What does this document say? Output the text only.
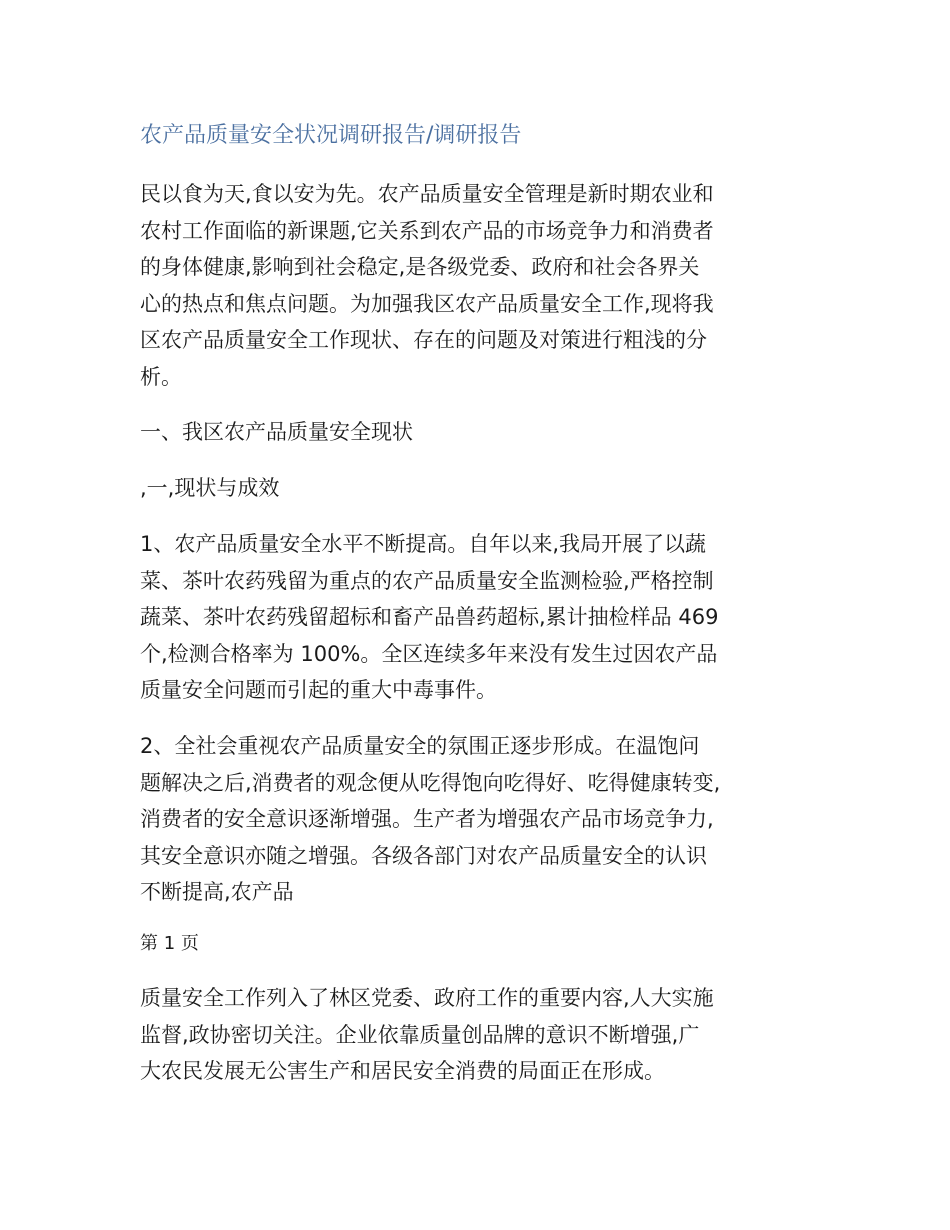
农产品质量安全状况调研报告/调研报告
民以食为天,食以安为先。农产品质量安全管理是新时期农业和
农村工作面临的新课题,它关系到农产品的市场竞争力和消费者
的身体健康,影响到社会稳定,是各级党委、政府和社会各界关
心的热点和焦点问题。为加强我区农产品质量安全工作,现将我
区农产品质量安全工作现状、存在的问题及对策进行粗浅的分
析。
一、我区农产品质量安全现状
,一,现状与成效
1、农产品质量安全水平不断提高。自年以来,我局开展了以蔬
菜、茶叶农药残留为重点的农产品质量安全监测检验,严格控制
蔬菜、茶叶农药残留超标和畜产品兽药超标,累计抽检样品 469
个,检测合格率为 100%。全区连续多年来没有发生过因农产品
质量安全问题而引起的重大中毒事件。
2、全社会重视农产品质量安全的氛围正逐步形成。在温饱问
题解决之后,消费者的观念便从吃得饱向吃得好、吃得健康转变,
消费者的安全意识逐渐增强。生产者为增强农产品市场竞争力,
其安全意识亦随之增强。各级各部门对农产品质量安全的认识
不断提高,农产品
第 1 页
质量安全工作列入了林区党委、政府工作的重要内容,人大实施
监督,政协密切关注。企业依靠质量创品牌的意识不断增强,广
大农民发展无公害生产和居民安全消费的局面正在形成。
